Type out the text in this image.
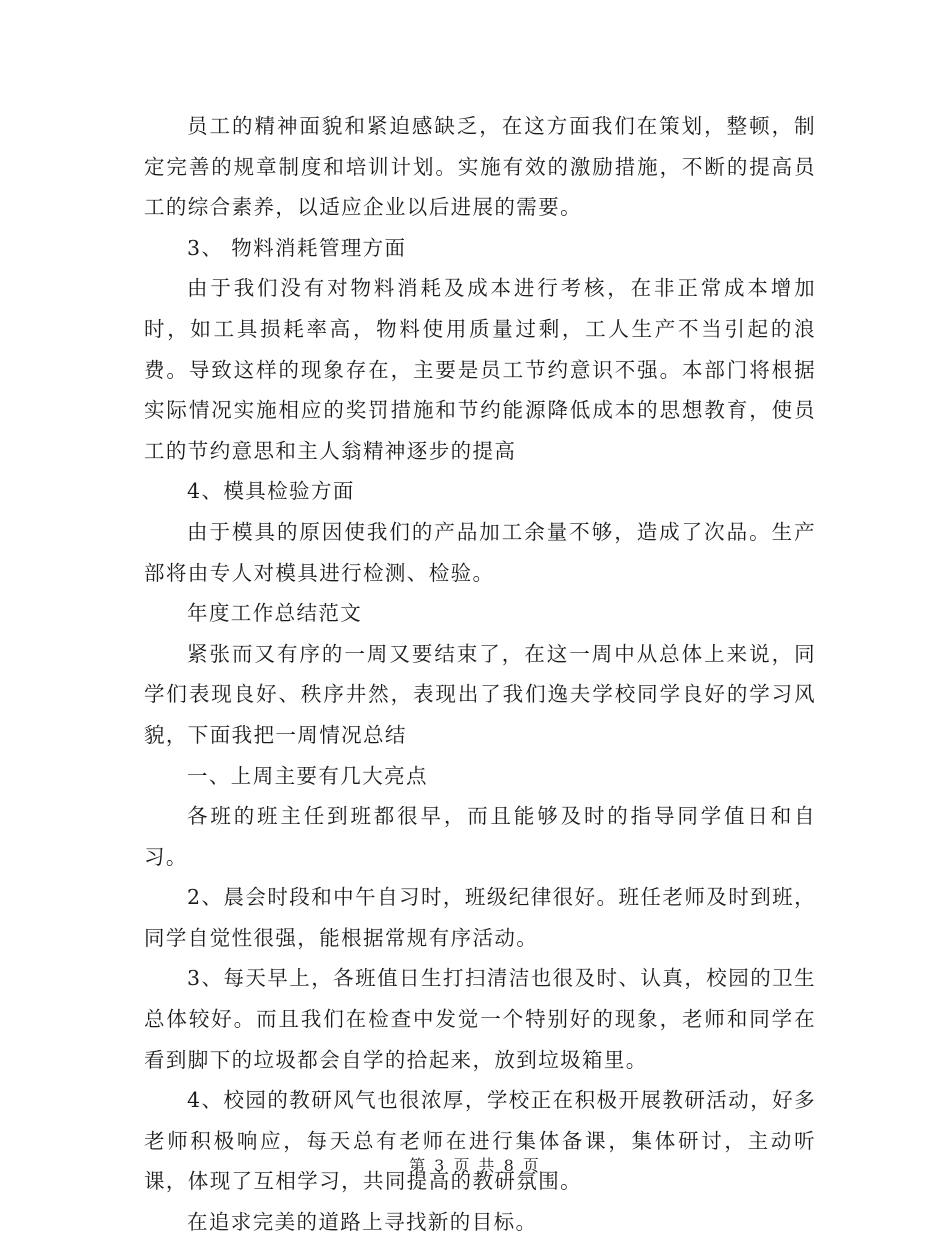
员工的精神面貌和紧迫感缺乏，在这方面我们在策划，整顿，制定完善的规章制度和培训计划。实施有效的激励措施，不断的提高员工的综合素养，以适应企业以后进展的需要。

3、 物料消耗管理方面

由于我们没有对物料消耗及成本进行考核，在非正常成本增加时，如工具损耗率高，物料使用质量过剩，工人生产不当引起的浪费。导致这样的现象存在，主要是员工节约意识不强。本部门将根据实际情况实施相应的奖罚措施和节约能源降低成本的思想教育，使员工的节约意思和主人翁精神逐步的提高

4、模具检验方面

由于模具的原因使我们的产品加工余量不够，造成了次品。生产部将由专人对模具进行检测、检验。

年度工作总结范文

紧张而又有序的一周又要结束了，在这一周中从总体上来说，同学们表现良好、秩序井然，表现出了我们逸夫学校同学良好的学习风貌，下面我把一周情况总结

一、上周主要有几大亮点

各班的班主任到班都很早，而且能够及时的指导同学值日和自习。

2、晨会时段和中午自习时，班级纪律很好。班任老师及时到班，同学自觉性很强，能根据常规有序活动。

3、每天早上，各班值日生打扫清洁也很及时、认真，校园的卫生总体较好。而且我们在检查中发觉一个特别好的现象，老师和同学在看到脚下的垃圾都会自学的拾起来，放到垃圾箱里。

4、校园的教研风气也很浓厚，学校正在积极开展教研活动，好多老师积极响应，每天总有老师在进行集体备课，集体研讨，主动听课，体现了互相学习，共同提高的教研氛围。

在追求完美的道路上寻找新的目标。

第 3 页 共 8 页
